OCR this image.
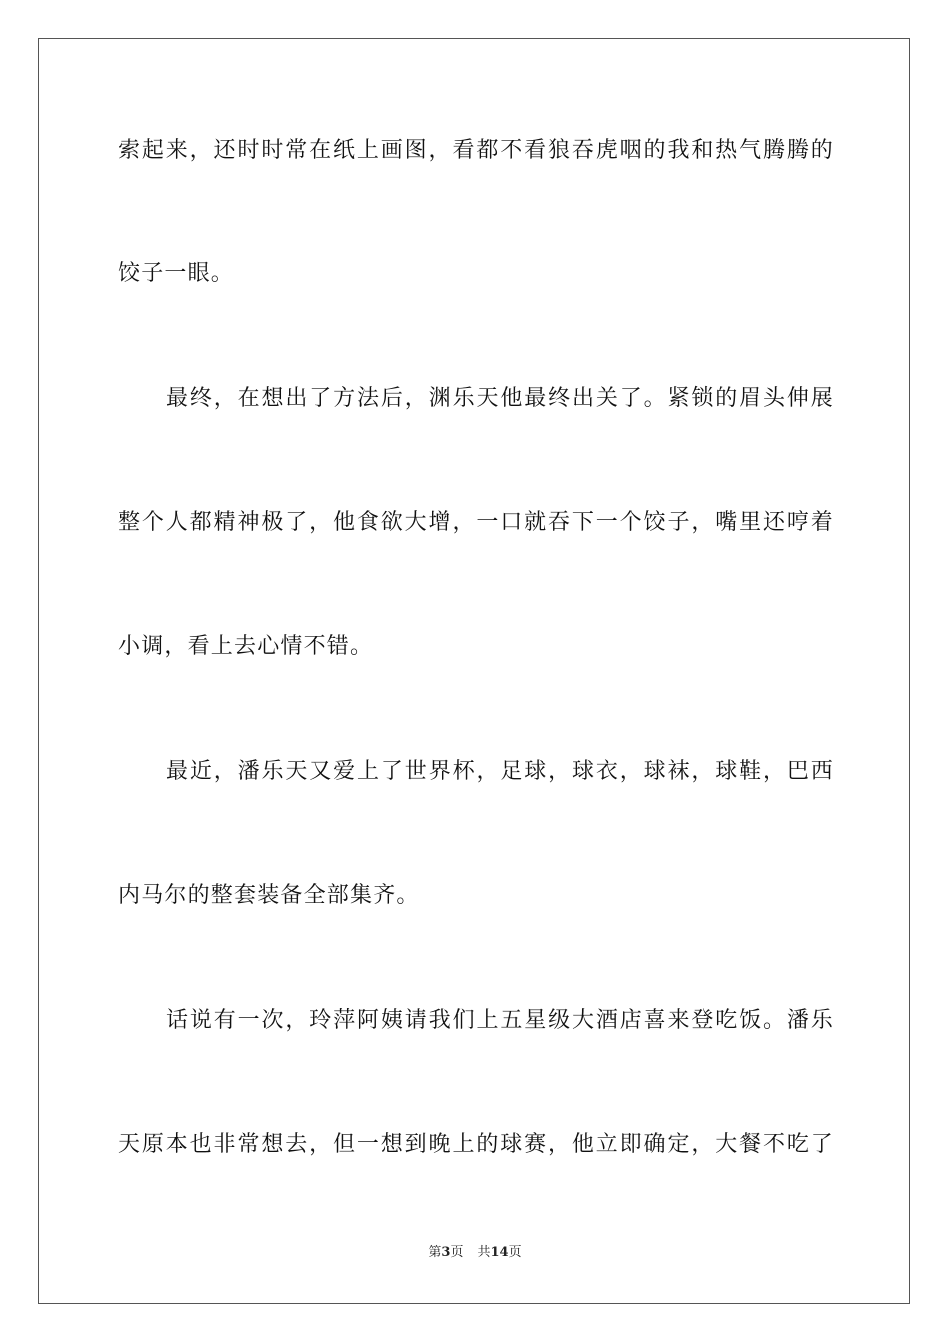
索起来，还时时常在纸上画图，看都不看狼吞虎咽的我和热气腾腾的
饺子一眼。
最终，在想出了方法后，渊乐天他最终出关了。紧锁的眉头伸展
整个人都精神极了，他食欲大增，一口就吞下一个饺子，嘴里还哼着
小调，看上去心情不错。
最近，潘乐天又爱上了世界杯，足球，球衣，球袜，球鞋，巴西
内马尔的整套装备全部集齐。
话说有一次，玲萍阿姨请我们上五星级大酒店喜来登吃饭。潘乐
天原本也非常想去，但一想到晚上的球赛，他立即确定，大餐不吃了
第3页 共14页
